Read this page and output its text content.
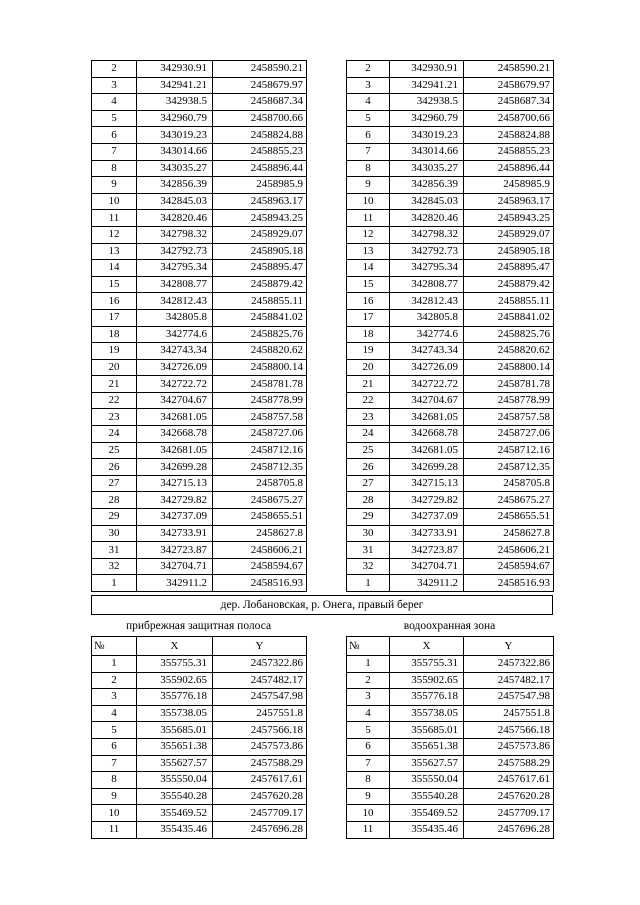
2	342930.91	2458590.21
3	342941.21	2458679.97
4	342938.5	2458687.34
5	342960.79	2458700.66
6	343019.23	2458824.88
7	343014.66	2458855.23
8	343035.27	2458896.44
9	342856.39	2458985.9
10	342845.03	2458963.17
11	342820.46	2458943.25
12	342798.32	2458929.07
13	342792.73	2458905.18
14	342795.34	2458895.47
15	342808.77	2458879.42
16	342812.43	2458855.11
17	342805.8	2458841.02
18	342774.6	2458825.76
19	342743.34	2458820.62
20	342726.09	2458800.14
21	342722.72	2458781.78
22	342704.67	2458778.99
23	342681.05	2458757.58
24	342668.78	2458727.06
25	342681.05	2458712.16
26	342699.28	2458712.35
27	342715.13	2458705.8
28	342729.82	2458675.27
29	342737.09	2458655.51
30	342733.91	2458627.8
31	342723.87	2458606.21
32	342704.71	2458594.67
1	342911.2	2458516.93
2	342930.91	2458590.21
3	342941.21	2458679.97
4	342938.5	2458687.34
5	342960.79	2458700.66
6	343019.23	2458824.88
7	343014.66	2458855.23
8	343035.27	2458896.44
9	342856.39	2458985.9
10	342845.03	2458963.17
11	342820.46	2458943.25
12	342798.32	2458929.07
13	342792.73	2458905.18
14	342795.34	2458895.47
15	342808.77	2458879.42
16	342812.43	2458855.11
17	342805.8	2458841.02
18	342774.6	2458825.76
19	342743.34	2458820.62
20	342726.09	2458800.14
21	342722.72	2458781.78
22	342704.67	2458778.99
23	342681.05	2458757.58
24	342668.78	2458727.06
25	342681.05	2458712.16
26	342699.28	2458712.35
27	342715.13	2458705.8
28	342729.82	2458675.27
29	342737.09	2458655.51
30	342733.91	2458627.8
31	342723.87	2458606.21
32	342704.71	2458594.67
1	342911.2	2458516.93
дер. Лобановская, р. Онега, правый берег
прибрежная защитная полоса	водоохранная зона
№	X	Y
1	355755.31	2457322.86
2	355902.65	2457482.17
3	355776.18	2457547.98
4	355738.05	2457551.8
5	355685.01	2457566.18
6	355651.38	2457573.86
7	355627.57	2457588.29
8	355550.04	2457617.61
9	355540.28	2457620.28
10	355469.52	2457709.17
11	355435.46	2457696.28
№	X	Y
1	355755.31	2457322.86
2	355902.65	2457482.17
3	355776.18	2457547.98
4	355738.05	2457551.8
5	355685.01	2457566.18
6	355651.38	2457573.86
7	355627.57	2457588.29
8	355550.04	2457617.61
9	355540.28	2457620.28
10	355469.52	2457709.17
11	355435.46	2457696.28
